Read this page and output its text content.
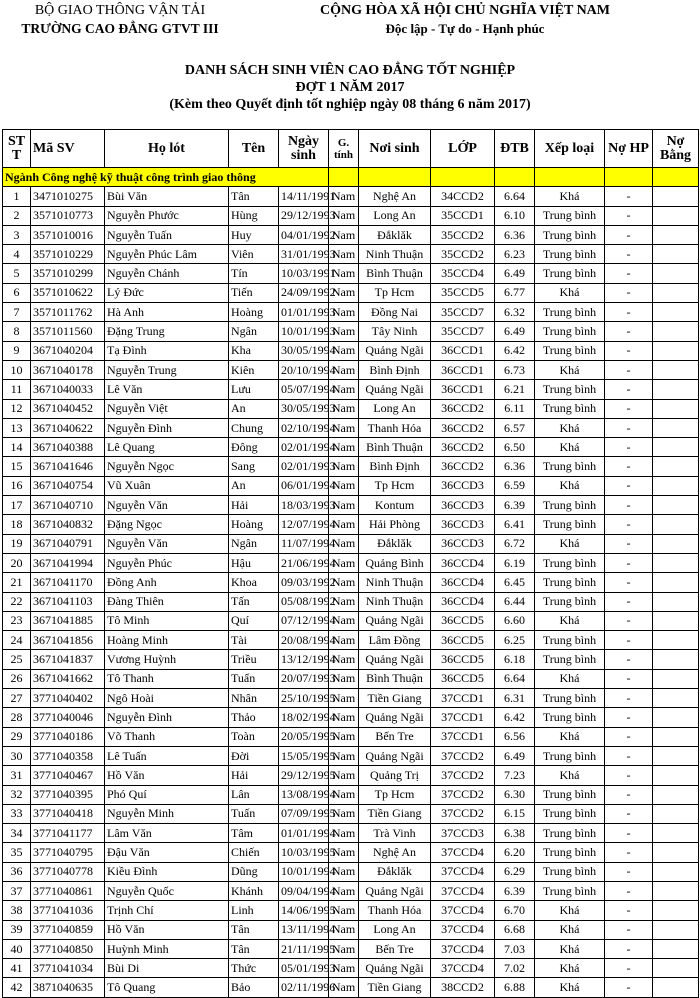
BỘ GIAO THÔNG VẬN TẢI
TRƯỜNG CAO ĐẲNG GTVT III
CỘNG HÒA XÃ HỘI CHỦ NGHĨA VIỆT NAM
Độc lập - Tự do - Hạnh phúc
DANH SÁCH SINH VIÊN CAO ĐẲNG TỐT NGHIỆP
ĐỢT 1 NĂM 2017
(Kèm theo Quyết định tốt nghiệp ngày 08 tháng 6 năm 2017)
ST T	Mã SV	Họ lót	Tên	Ngày sinh	G. tính	Nơi sinh	LỚP	ĐTB	Xếp loại	Nợ HP	Nợ Bằng
Ngành Công nghệ kỹ thuật công trình giao thông											
1	3471010275	Bùi Văn	Tân	14/11/1991	Nam	Nghệ An	34CCD2	6.64	Khá	-	
2	3571010773	Nguyễn Phước	Hùng	29/12/1993	Nam	Long An	35CCD1	6.10	Trung bình	-	
3	3571010016	Nguyễn Tuấn	Huy	04/01/1992	Nam	Đắklăk	35CCD2	6.36	Trung bình	-	
4	3571010229	Nguyễn Phúc Lâm	Viên	31/01/1993	Nam	Ninh Thuận	35CCD2	6.23	Trung bình	-	
5	3571010299	Nguyễn Chánh	Tín	10/03/1991	Nam	Bình Thuận	35CCD4	6.49	Trung bình	-	
6	3571010622	Lý Đức	Tiến	24/09/1992	Nam	Tp Hcm	35CCD5	6.77	Khá	-	
7	3571011762	Hà Anh	Hoàng	01/01/1993	Nam	Đồng Nai	35CCD7	6.32	Trung bình	-	
8	3571011560	Đặng Trung	Ngân	10/01/1993	Nam	Tây Ninh	35CCD7	6.49	Trung bình	-	
9	3671040204	Tạ Đình	Kha	30/05/1994	Nam	Quảng Ngãi	36CCD1	6.42	Trung bình	-	
10	3671040178	Nguyễn Trung	Kiên	20/10/1994	Nam	Bình Định	36CCD1	6.73	Khá	-	
11	3671040033	Lê Văn	Lưu	05/07/1994	Nam	Quảng Ngãi	36CCD1	6.21	Trung bình	-	
12	3671040452	Nguyễn Việt	An	30/05/1993	Nam	Long An	36CCD2	6.11	Trung bình	-	
13	3671040622	Nguyễn Đình	Chung	02/10/1994	Nam	Thanh Hóa	36CCD2	6.57	Khá	-	
14	3671040388	Lê Quang	Đông	02/01/1994	Nam	Bình Thuận	36CCD2	6.50	Khá	-	
15	3671041646	Nguyễn Ngọc	Sang	02/01/1993	Nam	Bình Định	36CCD2	6.36	Trung bình	-	
16	3671040754	Vũ Xuân	An	06/01/1994	Nam	Tp Hcm	36CCD3	6.59	Khá	-	
17	3671040710	Nguyễn Văn	Hải	18/03/1993	Nam	Kontum	36CCD3	6.39	Trung bình	-	
18	3671040832	Đặng Ngọc	Hoàng	12/07/1994	Nam	Hải Phòng	36CCD3	6.41	Trung bình	-	
19	3671040791	Nguyễn Văn	Ngân	11/07/1994	Nam	Đắklăk	36CCD3	6.72	Khá	-	
20	3671041994	Nguyễn Phúc	Hậu	21/06/1994	Nam	Quảng Bình	36CCD4	6.19	Trung bình	-	
21	3671041170	Đồng Anh	Khoa	09/03/1992	Nam	Ninh Thuận	36CCD4	6.45	Trung bình	-	
22	3671041103	Đàng Thiên	Tấn	05/08/1992	Nam	Ninh Thuận	36CCD4	6.44	Trung bình	-	
23	3671041885	Tô Minh	Quí	07/12/1994	Nam	Quảng Ngãi	36CCD5	6.60	Khá	-	
24	3671041856	Hoàng Minh	Tài	20/08/1994	Nam	Lâm Đồng	36CCD5	6.25	Trung bình	-	
25	3671041837	Vương Huỳnh	Triều	13/12/1994	Nam	Quảng Ngãi	36CCD5	6.18	Trung bình	-	
26	3671041662	Tô Thanh	Tuấn	20/07/1993	Nam	Bình Thuận	36CCD5	6.64	Khá	-	
27	3771040402	Ngô Hoài	Nhân	25/10/1995	Nam	Tiền Giang	37CCD1	6.31	Trung bình	-	
28	3771040046	Nguyễn Đình	Thảo	18/02/1994	Nam	Quảng Ngãi	37CCD1	6.42	Trung bình	-	
29	3771040186	Võ Thanh	Toàn	20/05/1995	Nam	Bến Tre	37CCD1	6.56	Khá	-	
30	3771040358	Lê Tuấn	Đời	15/05/1995	Nam	Quảng Ngãi	37CCD2	6.49	Trung bình	-	
31	3771040467	Hồ Văn	Hải	29/12/1995	Nam	Quảng Trị	37CCD2	7.23	Khá	-	
32	3771040395	Phó Quí	Lân	13/08/1994	Nam	Tp Hcm	37CCD2	6.30	Trung bình	-	
33	3771040418	Nguyễn Minh	Tuấn	07/09/1995	Nam	Tiền Giang	37CCD2	6.15	Trung bình	-	
34	3771041177	Lâm Văn	Tâm	01/01/1994	Nam	Trà Vinh	37CCD3	6.38	Trung bình	-	
35	3771040795	Đậu Văn	Chiến	10/03/1995	Nam	Nghệ An	37CCD4	6.20	Trung bình	-	
36	3771040778	Kiều Đình	Dũng	10/01/1994	Nam	Đắklăk	37CCD4	6.29	Trung bình	-	
37	3771040861	Nguyễn Quốc	Khánh	09/04/1994	Nam	Quảng Ngãi	37CCD4	6.39	Trung bình	-	
38	3771041036	Trịnh Chí	Linh	14/06/1995	Nam	Thanh Hóa	37CCD4	6.70	Khá	-	
39	3771040859	Hồ Văn	Tân	13/11/1994	Nam	Long An	37CCD4	6.68	Khá	-	
40	3771040850	Huỳnh Minh	Tân	21/11/1995	Nam	Bến Tre	37CCD4	7.03	Khá	-	
41	3771041034	Bùi Di	Thức	05/01/1993	Nam	Quảng Ngãi	37CCD4	7.02	Khá	-	
42	3871040635	Tô Quang	Bảo	02/11/1996	Nam	Tiền Giang	38CCD2	6.88	Khá	-	
